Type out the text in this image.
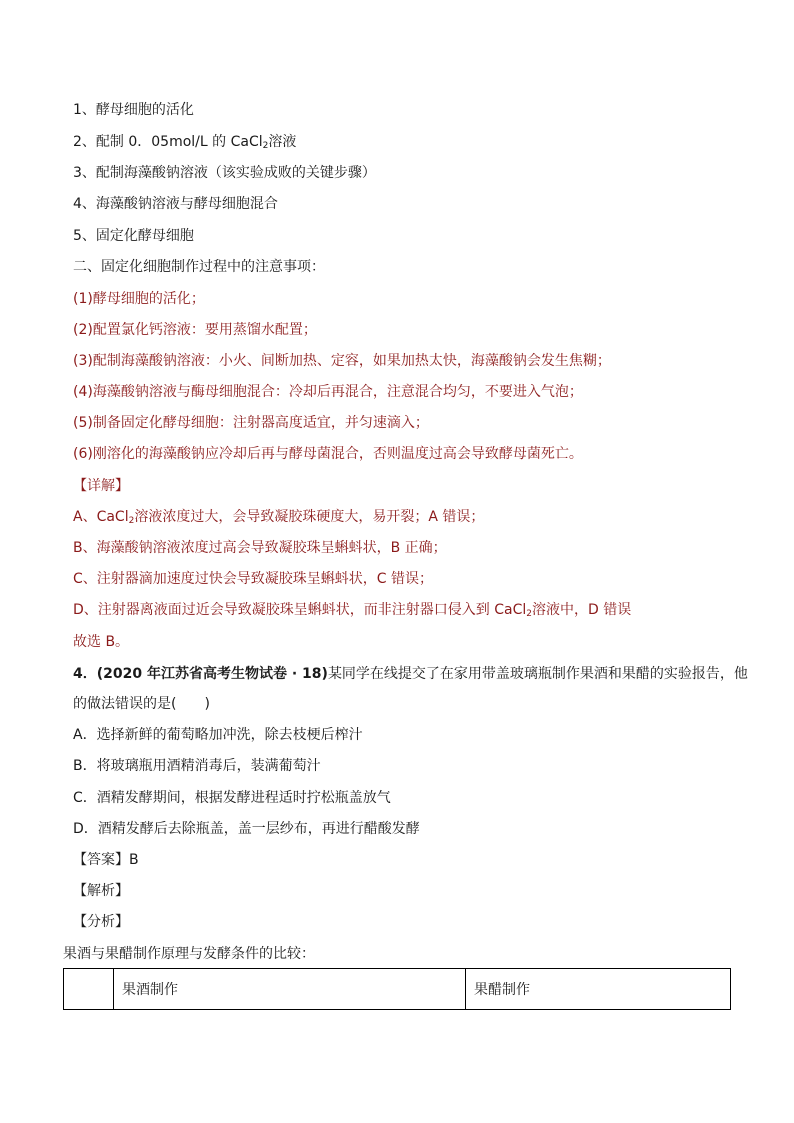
1、酵母细胞的活化
2、配制 0．05mol/L 的 CaCl$_2$溶液
3、配制海藻酸钠溶液（该实验成败的关键步骤）
4、海藻酸钠溶液与酵母细胞混合
5、固定化酵母细胞
二、固定化细胞制作过程中的注意事项：
(1)酵母细胞的活化；
(2)配置氯化钙溶液：要用蒸馏水配置；
(3)配制海藻酸钠溶液：小火、间断加热、定容，如果加热太快，海藻酸钠会发生焦糊；
(4)海藻酸钠溶液与酶母细胞混合：冷却后再混合，注意混合均匀，不要进入气泡；
(5)制备固定化酵母细胞：注射器高度适宜，并匀速滴入；
(6)刚溶化的海藻酸钠应冷却后再与酵母菌混合，否则温度过高会导致酵母菌死亡。
【详解】
A、CaCl$_2$溶液浓度过大，会导致凝胶珠硬度大，易开裂；A 错误；
B、海藻酸钠溶液浓度过高会导致凝胶珠呈蝌蚪状，B 正确；
C、注射器滴加速度过快会导致凝胶珠呈蝌蚪状，C 错误；
D、注射器离液面过近会导致凝胶珠呈蝌蚪状，而非注射器口侵入到 CaCl$_2$溶液中，D 错误
故选 B。
4．(2020 年江苏省高考生物试卷 · 18)某同学在线提交了在家用带盖玻璃瓶制作果酒和果醋的实验报告，他
的做法错误的是(　　)
A．选择新鲜的葡萄略加冲洗，除去枝梗后榨汁
B．将玻璃瓶用酒精消毒后，装满葡萄汁
C．酒精发酵期间，根据发酵进程适时拧松瓶盖放气
D．酒精发酵后去除瓶盖，盖一层纱布，再进行醋酸发酵
【答案】B
【解析】
【分析】
果酒与果醋制作原理与发酵条件的比较：
	果酒制作	果醋制作
